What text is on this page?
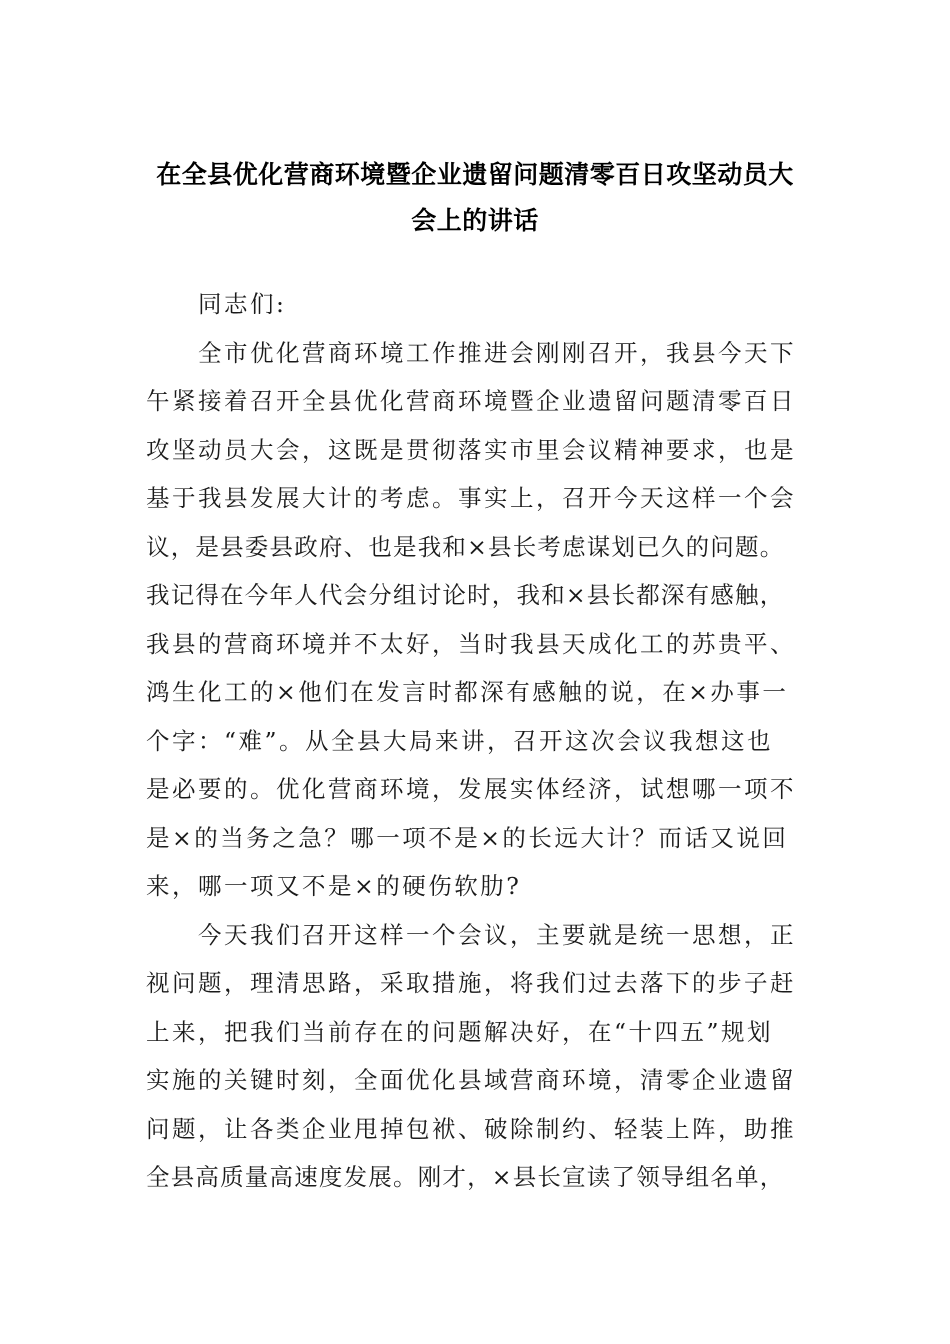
在全县优化营商环境暨企业遗留问题清零百日攻坚动员大
会上的讲话
同志们:
全市优化营商环境工作推进会刚刚召开，我县今天下
午紧接着召开全县优化营商环境暨企业遗留问题清零百日
攻坚动员大会，这既是贯彻落实市里会议精神要求，也是
基于我县发展大计的考虑。事实上，召开今天这样一个会
议，是县委县政府、也是我和×县长考虑谋划已久的问题。
我记得在今年人代会分组讨论时，我和×县长都深有感触，
我县的营商环境并不太好，当时我县天成化工的苏贵平、
鸿生化工的×他们在发言时都深有感触的说，在×办事一
个字：“难”。从全县大局来讲，召开这次会议我想这也
是必要的。优化营商环境，发展实体经济，试想哪一项不
是×的当务之急？哪一项不是×的长远大计？而话又说回
来，哪一项又不是×的硬伤软肋?
今天我们召开这样一个会议，主要就是统一思想，正
视问题，理清思路，采取措施，将我们过去落下的步子赶
上来，把我们当前存在的问题解决好，在“十四五”规划
实施的关键时刻，全面优化县域营商环境，清零企业遗留
问题，让各类企业甩掉包袱、破除制约、轻装上阵，助推
全县高质量高速度发展。刚才，×县长宣读了领导组名单，
